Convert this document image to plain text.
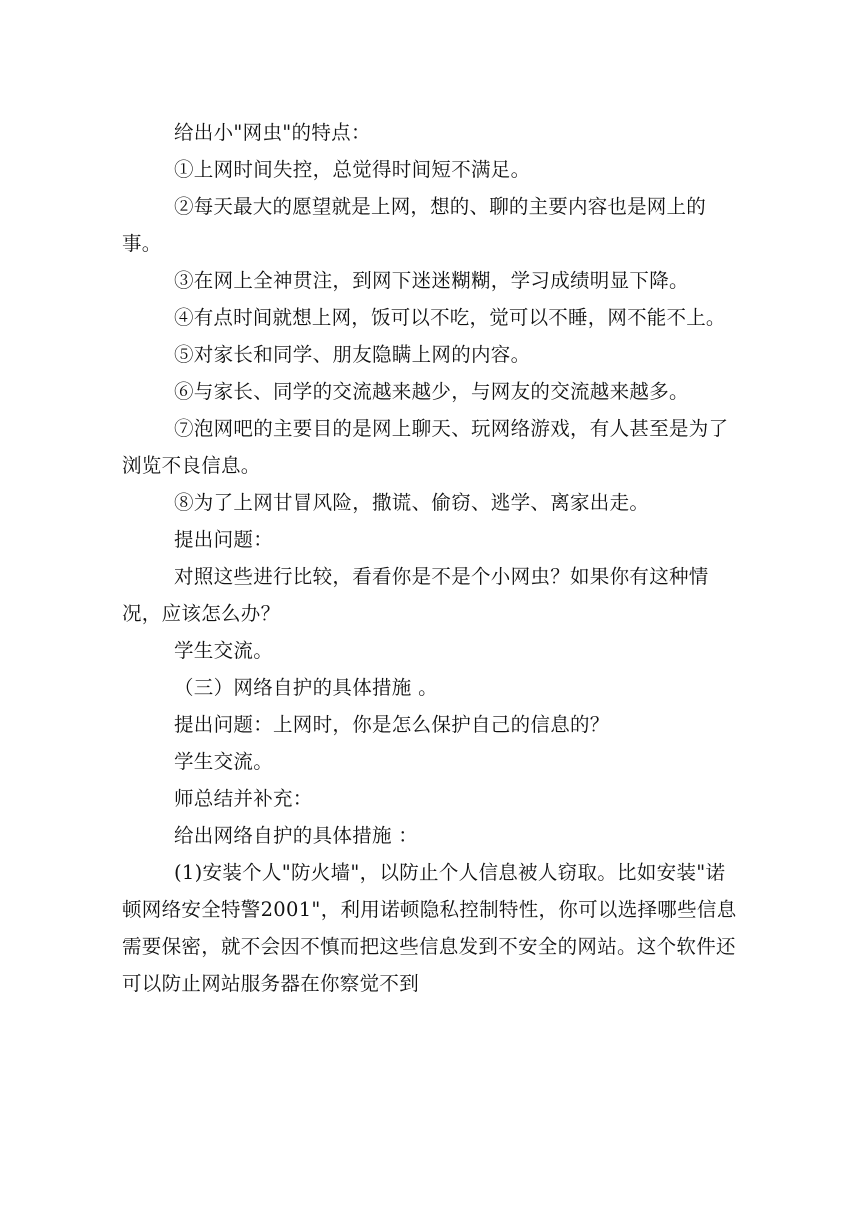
给出小"网虫"的特点：

①上网时间失控，总觉得时间短不满足。

②每天最大的愿望就是上网，想的、聊的主要内容也是网上的事。

③在网上全神贯注，到网下迷迷糊糊，学习成绩明显下降。

④有点时间就想上网，饭可以不吃，觉可以不睡，网不能不上。

⑤对家长和同学、朋友隐瞒上网的内容。

⑥与家长、同学的交流越来越少，与网友的交流越来越多。

⑦泡网吧的主要目的是网上聊天、玩网络游戏，有人甚至是为了浏览不良信息。

⑧为了上网甘冒风险，撒谎、偷窃、逃学、离家出走。

提出问题：

对照这些进行比较，看看你是不是个小网虫？如果你有这种情况，应该怎么办？

学生交流。

（三）网络自护的具体措施 。

提出问题：上网时，你是怎么保护自己的信息的？

学生交流。

师总结并补充：

给出网络自护的具体措施 ：

(1)安装个人"防火墙"，以防止个人信息被人窃取。比如安装"诺顿网络安全特警2001"，利用诺顿隐私控制特性，你可以选择哪些信息需要保密，就不会因不慎而把这些信息发到不安全的网站。这个软件还可以防止网站服务器在你察觉不到
